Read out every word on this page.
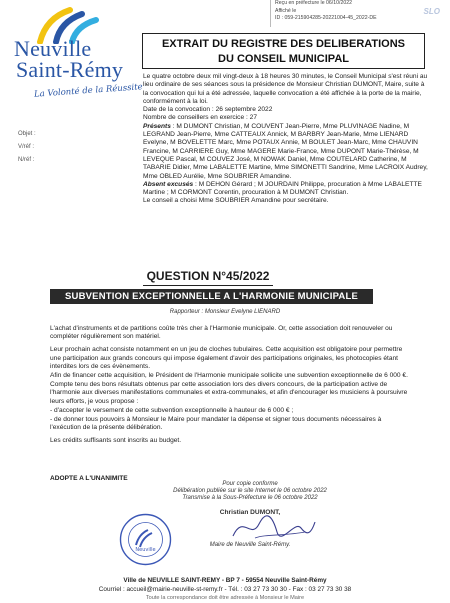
Neuville
Saint-Rémy
La Volonté de la Réussite
Objet :
V/réf :
N/réf :
Reçu en préfecture le 06/10/2022
Affiché le
ID : 059-215904285-20221004-45_2022-DE
SLO
EXTRAIT DU REGISTRE DES DELIBERATIONS
DU CONSEIL MUNICIPAL

Le quatre octobre deux mil vingt-deux à 18 heures 30 minutes, le Conseil Municipal s'est réuni au lieu ordinaire de ses séances sous la présidence de Monsieur Christian DUMONT, Maire, suite à la convocation qui lui a été adressée, laquelle convocation a été affichée à la porte de la mairie, conformément à la loi.

Date de la convocation : 26 septembre 2022

Nombre de conseillers en exercice : 27

Présents : M DUMONT Christian, M COUVENT Jean-Pierre, Mme PLUVINAGE Nadine, M LEGRAND Jean-Pierre, Mme CATTEAUX Annick, M BARBRY Jean-Marie, Mme LIENARD Evelyne, M BOVELETTE Marc, Mme POTAUX Annie, M BOULET Jean-Marc, Mme CHAUVIN Francine, M CARRIERE Guy, Mme MAGERE Marie-France, Mme DUPONT Marie-Thérèse, M LEVEQUE Pascal, M COUVEZ José, M NOWAK Daniel, Mme COUTELARD Catherine, M TABARIE Didier, Mme LABALETTE Martine, Mme SIMONETTI Sandrine, Mme LACROIX Audrey, Mme OBLED Aurélie, Mme SOUBRIER Amandine.

Absent excusés : M DEHON Gérard ; M JOURDAIN Philippe, procuration à Mme LABALETTE Martine ; M CORMONT Corentin, procuration à M DUMONT Christian.

Le conseil a choisi Mme SOUBRIER Amandine pour secrétaire.

QUESTION N°45/2022
SUBVENTION EXCEPTIONNELLE A L'HARMONIE MUNICIPALE
Rapporteur : Monsieur Evelyne LIENARD

L'achat d'instruments et de partitions coûte très cher à l'Harmonie municipale. Or, cette association doit renouveler ou compléter régulièrement son matériel.

Leur prochain achat consiste notamment en un jeu de cloches tubulaires. Cette acquisition est obligatoire pour permettre une participation aux grands concours qui impose également d'avoir des participations originales, les photocopies étant interdites lors de ces évènements.

Afin de financer cette acquisition, le Président de l'Harmonie municipale sollicite une subvention exceptionnelle de 6 000 €.

Compte tenu des bons résultats obtenus par cette association lors des divers concours, de la participation active de l'harmonie aux diverses manifestations communales et extra-communales, et afin d'encourager les musiciens à poursuivre leurs efforts, je vous propose :

- d'accepter le versement de cette subvention exceptionnelle à hauteur de 6 000 € ;

- de donner tous pouvoirs à Monsieur le Maire pour mandater la dépense et signer tous documents nécessaires à l'exécution de la présente délibération.

Les crédits suffisants sont inscrits au budget.

ADOPTE A L'UNANIMITE
Pour copie conforme
Délibération publiée sur le site Internet le 06 octobre 2022
Transmise à la Sous-Préfecture le 06 octobre 2022
Christian DUMONT,
Maire de Neuville Saint-Rémy.
Neuville
Ville de NEUVILLE SAINT-REMY - BP 7 - 59554 Neuville Saint-Rémy
Courriel : accueil@mairie-neuville-st-remy.fr - Tél. : 03 27 73 30 30 - Fax : 03 27 73 30 38
Toute la correspondance doit être adressée à Monsieur le Maire
